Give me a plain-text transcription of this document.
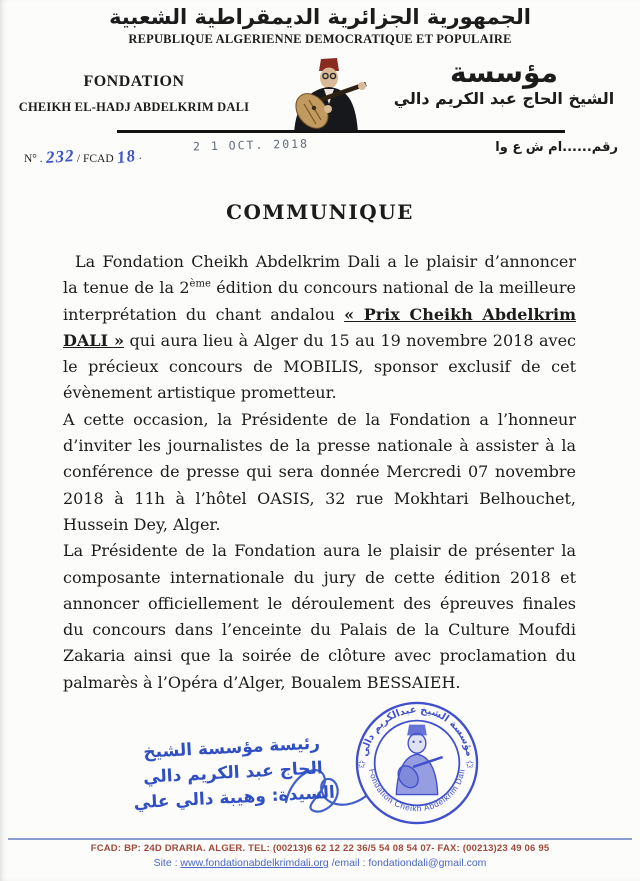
الجمهورية الجزائرية الديمقراطية الشعبية
REPUBLIQUE ALGERIENNE DEMOCRATIQUE ET POPULAIRE
FONDATION
CHEIKH EL-HADJ ABDELKRIM DALI
مؤسسة
الشيخ الحاج عبد الكريم دالي
N° . 232 / FCAD 18 ·
2 1 OCT. 2018	رقم......ام ش ع وا
COMMUNIQUE

La Fondation Cheikh Abdelkrim Dali a le plaisir d’annoncer la tenue de la 2ème édition du concours national de la meilleure interprétation du chant andalou « Prix Cheikh Abdelkrim DALI » qui aura lieu à Alger du 15 au 19 novembre 2018 avec le précieux concours de MOBILIS, sponsor exclusif de cet évènement artistique prometteur.

A cette occasion, la Présidente de la Fondation a l’honneur d’inviter les journalistes de la presse nationale à assister à la conférence de presse qui sera donnée Mercredi 07 novembre 2018 à 11h à l’hôtel OASIS, 32 rue Mokhtari Belhouchet, Hussein Dey, Alger.

La Présidente de la Fondation aura le plaisir de présenter la composante internationale du jury de cette édition 2018 et annoncer officiellement le déroulement des épreuves finales du concours dans l’enceinte du Palais de la Culture Moufdi Zakaria ainsi que la soirée de clôture avec proclamation du palmarès à l’Opéra d’Alger, Boualem BESSAIEH.

رئيسة مؤسسة الشيخ
الحاج عبد الكريم دالي
السيدة: وهيبة دالي علي
مؤسسة الشيخ عبدالكريم دالي
Fondation Cheikh Abdelkrim Dali
✩	✩
FCAD: BP: 24D DRARIA. ALGER. TEL: (00213)6 62 12 22 36/5 54 08 54 07- FAX: (00213)23 49 06 95
Site : www.fondationabdelkrimdali.org /email : fondationdali@gmail.com
